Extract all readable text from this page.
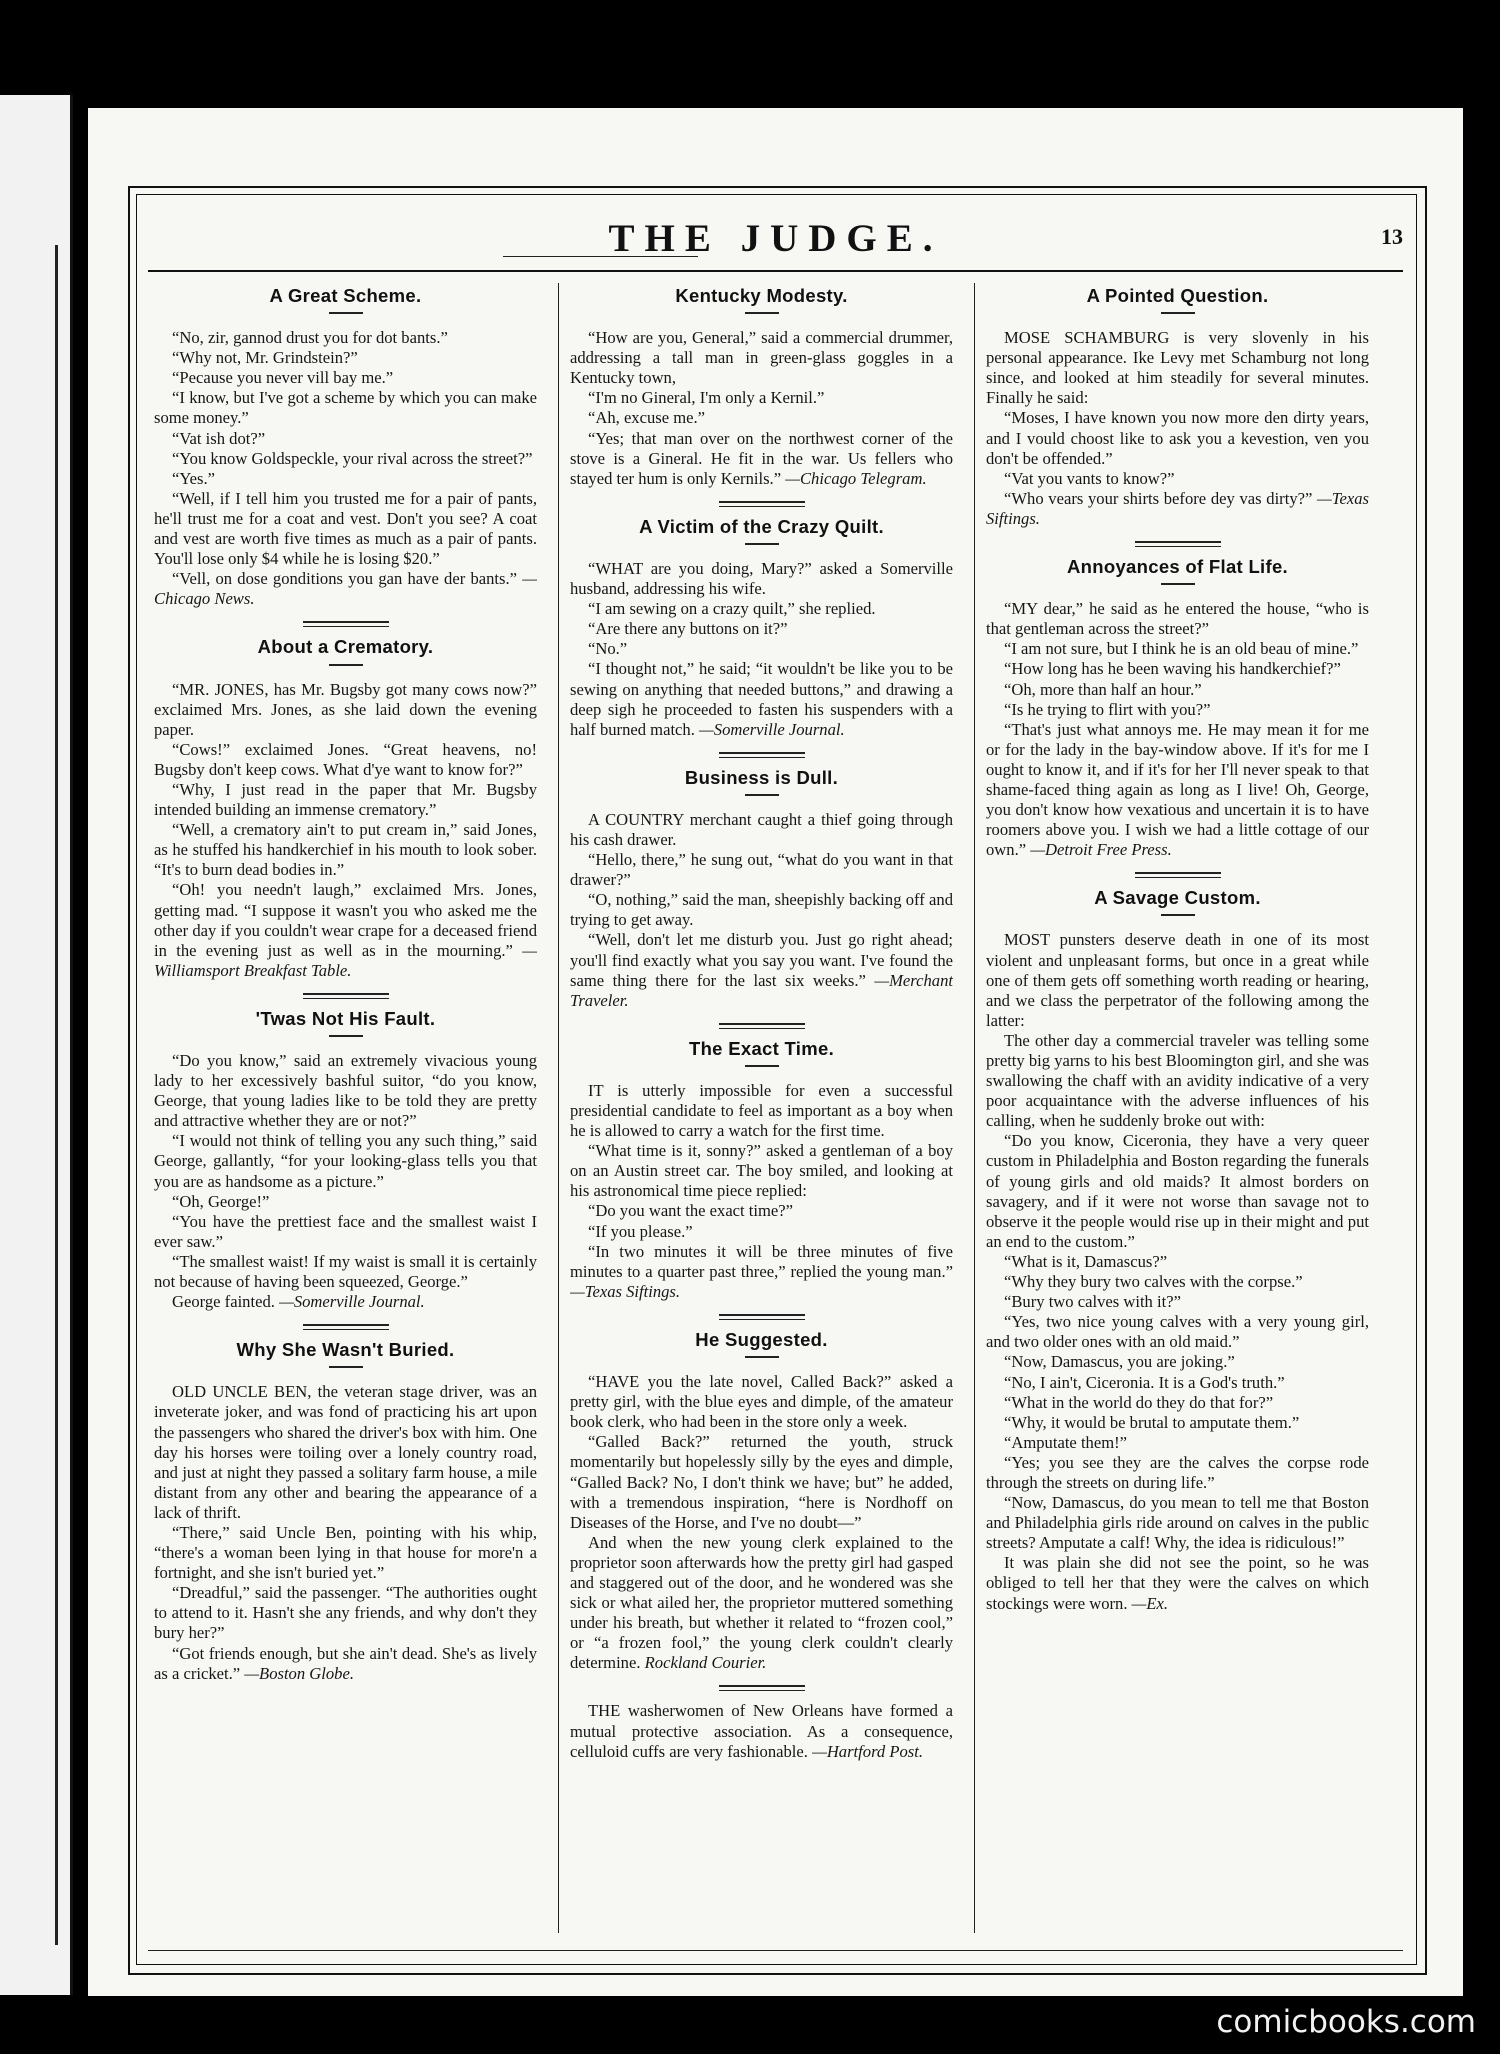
THE JUDGE.	13
A Great Scheme.

“No, zir, gannod drust you for dot bants.”

“Why not, Mr. Grindstein?”

“Pecause you never vill bay me.”

“I know, but I've got a scheme by which you can make some money.”

“Vat ish dot?”

“You know Goldspeckle, your rival across the street?”

“Yes.”

“Well, if I tell him you trusted me for a pair of pants, he'll trust me for a coat and vest. Don't you see? A coat and vest are worth five times as much as a pair of pants. You'll lose only $4 while he is losing $20.”

“Vell, on dose gonditions you gan have der bants.” —Chicago News.

About a Crematory.

“MR. JONES, has Mr. Bugsby got many cows now?” exclaimed Mrs. Jones, as she laid down the evening paper.

“Cows!” exclaimed Jones. “Great heavens, no! Bugsby don't keep cows. What d'ye want to know for?”

“Why, I just read in the paper that Mr. Bugsby intended building an immense crematory.”

“Well, a crematory ain't to put cream in,” said Jones, as he stuffed his handkerchief in his mouth to look sober. “It's to burn dead bodies in.”

“Oh! you needn't laugh,” exclaimed Mrs. Jones, getting mad. “I suppose it wasn't you who asked me the other day if you couldn't wear crape for a deceased friend in the evening just as well as in the mourning.” —Williamsport Breakfast Table.

'Twas Not His Fault.

“Do you know,” said an extremely vivacious young lady to her excessively bashful suitor, “do you know, George, that young ladies like to be told they are pretty and attractive whether they are or not?”

“I would not think of telling you any such thing,” said George, gallantly, “for your looking-glass tells you that you are as handsome as a picture.”

“Oh, George!”

“You have the prettiest face and the smallest waist I ever saw.”

“The smallest waist! If my waist is small it is certainly not because of having been squeezed, George.”

George fainted. —Somerville Journal.

Why She Wasn't Buried.

OLD UNCLE BEN, the veteran stage driver, was an inveterate joker, and was fond of practicing his art upon the passengers who shared the driver's box with him. One day his horses were toiling over a lonely country road, and just at night they passed a solitary farm house, a mile distant from any other and bearing the appearance of a lack of thrift.

“There,” said Uncle Ben, pointing with his whip, “there's a woman been lying in that house for more'n a fortnight, and she isn't buried yet.”

“Dreadful,” said the passenger. “The authorities ought to attend to it. Hasn't she any friends, and why don't they bury her?”

“Got friends enough, but she ain't dead. She's as lively as a cricket.” —Boston Globe.

Kentucky Modesty.

“How are you, General,” said a commercial drummer, addressing a tall man in green-glass goggles in a Kentucky town,

“I'm no Gineral, I'm only a Kernil.”

“Ah, excuse me.”

“Yes; that man over on the northwest corner of the stove is a Gineral. He fit in the war. Us fellers who stayed ter hum is only Kernils.” —Chicago Telegram.

A Victim of the Crazy Quilt.

“WHAT are you doing, Mary?” asked a Somerville husband, addressing his wife.

“I am sewing on a crazy quilt,” she replied.

“Are there any buttons on it?”

“No.”

“I thought not,” he said; “it wouldn't be like you to be sewing on anything that needed buttons,” and drawing a deep sigh he proceeded to fasten his suspenders with a half burned match. —Somerville Journal.

Business is Dull.

A COUNTRY merchant caught a thief going through his cash drawer.

“Hello, there,” he sung out, “what do you want in that drawer?”

“O, nothing,” said the man, sheepishly backing off and trying to get away.

“Well, don't let me disturb you. Just go right ahead; you'll find exactly what you say you want. I've found the same thing there for the last six weeks.” —Merchant Traveler.

The Exact Time.

IT is utterly impossible for even a successful presidential candidate to feel as important as a boy when he is allowed to carry a watch for the first time.

“What time is it, sonny?” asked a gentleman of a boy on an Austin street car. The boy smiled, and looking at his astronomical time piece replied:

“Do you want the exact time?”

“If you please.”

“In two minutes it will be three minutes of five minutes to a quarter past three,” replied the young man.” —Texas Siftings.

He Suggested.

“HAVE you the late novel, Called Back?” asked a pretty girl, with the blue eyes and dimple, of the amateur book clerk, who had been in the store only a week.

“Galled Back?” returned the youth, struck momentarily but hopelessly silly by the eyes and dimple, “Galled Back? No, I don't think we have; but” he added, with a tremendous inspiration, “here is Nordhoff on Diseases of the Horse, and I've no doubt—”

And when the new young clerk explained to the proprietor soon afterwards how the pretty girl had gasped and staggered out of the door, and he wondered was she sick or what ailed her, the proprietor muttered something under his breath, but whether it related to “frozen cool,” or “a frozen fool,” the young clerk couldn't clearly determine. Rockland Courier.

THE washerwomen of New Orleans have formed a mutual protective association. As a consequence, celluloid cuffs are very fashionable. —Hartford Post.

A Pointed Question.

MOSE SCHAMBURG is very slovenly in his personal appearance. Ike Levy met Schamburg not long since, and looked at him steadily for several minutes. Finally he said:

“Moses, I have known you now more den dirty years, and I vould choost like to ask you a kevestion, ven you don't be offended.”

“Vat you vants to know?”

“Who vears your shirts before dey vas dirty?” —Texas Siftings.

Annoyances of Flat Life.

“MY dear,” he said as he entered the house, “who is that gentleman across the street?”

“I am not sure, but I think he is an old beau of mine.”

“How long has he been waving his handkerchief?”

“Oh, more than half an hour.”

“Is he trying to flirt with you?”

“That's just what annoys me. He may mean it for me or for the lady in the bay-window above. If it's for me I ought to know it, and if it's for her I'll never speak to that shame-faced thing again as long as I live! Oh, George, you don't know how vexatious and uncertain it is to have roomers above you. I wish we had a little cottage of our own.” —Detroit Free Press.

A Savage Custom.

MOST punsters deserve death in one of its most violent and unpleasant forms, but once in a great while one of them gets off something worth reading or hearing, and we class the perpetrator of the following among the latter:

The other day a commercial traveler was telling some pretty big yarns to his best Bloomington girl, and she was swallowing the chaff with an avidity indicative of a very poor acquaintance with the adverse influences of his calling, when he suddenly broke out with:

“Do you know, Ciceronia, they have a very queer custom in Philadelphia and Boston regarding the funerals of young girls and old maids? It almost borders on savagery, and if it were not worse than savage not to observe it the people would rise up in their might and put an end to the custom.”

“What is it, Damascus?”

“Why they bury two calves with the corpse.”

“Bury two calves with it?”

“Yes, two nice young calves with a very young girl, and two older ones with an old maid.”

“Now, Damascus, you are joking.”

“No, I ain't, Ciceronia. It is a God's truth.”

“What in the world do they do that for?”

“Why, it would be brutal to amputate them.”

“Amputate them!”

“Yes; you see they are the calves the corpse rode through the streets on during life.”

“Now, Damascus, do you mean to tell me that Boston and Philadelphia girls ride around on calves in the public streets? Amputate a calf! Why, the idea is ridiculous!”

It was plain she did not see the point, so he was obliged to tell her that they were the calves on which stockings were worn. —Ex.

comicbooks.com
